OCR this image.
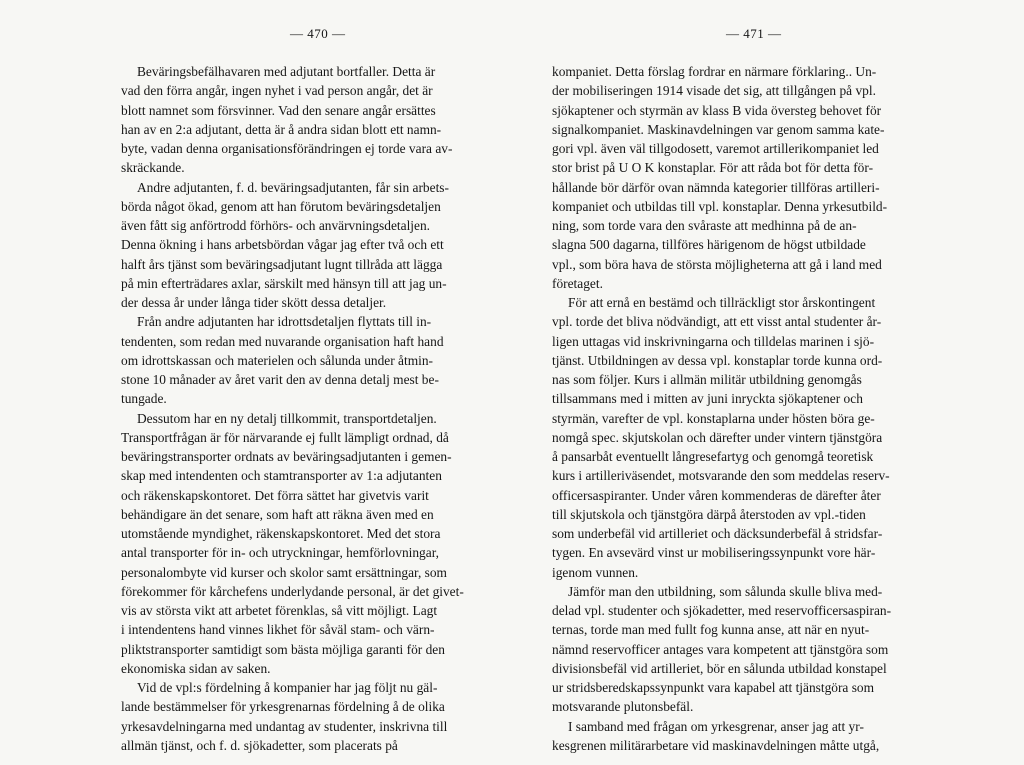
— 470 —	— 471 —
Beväringsbefälhavaren med adjutant bortfaller. Detta är
vad den förra angår, ingen nyhet i vad person angår, det är
blott namnet som försvinner. Vad den senare angår ersättes
han av en 2:a adjutant, detta är å andra sidan blott ett namn-
byte, vadan denna organisationsförändringen ej torde vara av-
skräckande.
Andre adjutanten, f. d. beväringsadjutanten, får sin arbets-
börda något ökad, genom att han förutom beväringsdetaljen
även fått sig anförtrodd förhörs- och anvärvningsdetaljen.
Denna ökning i hans arbetsbördan vågar jag efter två och ett
halft års tjänst som beväringsadjutant lugnt tillråda att lägga
på min efterträdares axlar, särskilt med hänsyn till att jag un-
der dessa år under långa tider skött dessa detaljer.
Från andre adjutanten har idrottsdetaljen flyttats till in-
tendenten, som redan med nuvarande organisation haft hand
om idrottskassan och materielen och sålunda under åtmin-
stone 10 månader av året varit den av denna detalj mest be-
tungade.
Dessutom har en ny detalj tillkommit, transportdetaljen.
Transportfrågan är för närvarande ej fullt lämpligt ordnad, då
beväringstransporter ordnats av beväringsadjutanten i gemen-
skap med intendenten och stamtransporter av 1:a adjutanten
och räkenskapskontoret. Det förra sättet har givetvis varit
behändigare än det senare, som haft att räkna även med en
utomstående myndighet, räkenskapskontoret. Med det stora
antal transporter för in- och utryckningar, hemförlovningar,
personalombyte vid kurser och skolor samt ersättningar, som
förekommer för kårchefens underlydande personal, är det givet-
vis av största vikt att arbetet förenklas, så vitt möjligt. Lagt
i intendentens hand vinnes likhet för såväl stam- och värn-
pliktstransporter samtidigt som bästa möjliga garanti för den
ekonomiska sidan av saken.
Vid de vpl:s fördelning å kompanier har jag följt nu gäl-
lande bestämmelser för yrkesgrenarnas fördelning å de olika
yrkesavdelningarna med undantag av studenter, inskrivna till
allmän tjänst, och f. d. sjökadetter, som placerats på
kompaniet. Detta förslag fordrar en närmare förklaring.. Un-
der mobiliseringen 1914 visade det sig, att tillgången på vpl.
sjökaptener och styrmän av klass B vida översteg behovet för
signalkompaniet. Maskinavdelningen var genom samma kate-
gori vpl. även väl tillgodosett, varemot artillerikompaniet led
stor brist på U O K konstaplar. För att råda bot för detta för-
hållande bör därför ovan nämnda kategorier tillföras artilleri-
kompaniet och utbildas till vpl. konstaplar. Denna yrkesutbild-
ning, som torde vara den svåraste att medhinna på de an-
slagna 500 dagarna, tillföres härigenom de högst utbildade
vpl., som böra hava de största möjligheterna att gå i land med
företaget.
För att ernå en bestämd och tillräckligt stor årskontingent
vpl. torde det bliva nödvändigt, att ett visst antal studenter år-
ligen uttagas vid inskrivningarna och tilldelas marinen i sjö-
tjänst. Utbildningen av dessa vpl. konstaplar torde kunna ord-
nas som följer. Kurs i allmän militär utbildning genomgås
tillsammans med i mitten av juni inryckta sjökaptener och
styrmän, varefter de vpl. konstaplarna under hösten böra ge-
nomgå spec. skjutskolan och därefter under vintern tjänstgöra
å pansarbåt eventuellt långresefartyg och genomgå teoretisk
kurs i artilleriväsendet, motsvarande den som meddelas reserv-
officersaspiranter. Under våren kommenderas de därefter åter
till skjutskola och tjänstgöra därpå återstoden av vpl.-tiden
som underbefäl vid artilleriet och däcksunderbefäl å stridsfar-
tygen. En avsevärd vinst ur mobiliseringssynpunkt vore här-
igenom vunnen.
Jämför man den utbildning, som sålunda skulle bliva med-
delad vpl. studenter och sjökadetter, med reservofficersaspiran-
ternas, torde man med fullt fog kunna anse, att när en nyut-
nämnd reservofficer antages vara kompetent att tjänstgöra som
divisionsbefäl vid artilleriet, bör en sålunda utbildad konstapel
ur stridsberedskapssynpunkt vara kapabel att tjänstgöra som
motsvarande plutonsbefäl.
I samband med frågan om yrkesgrenar, anser jag att yr-
kesgrenen militärarbetare vid maskinavdelningen måtte utgå,
